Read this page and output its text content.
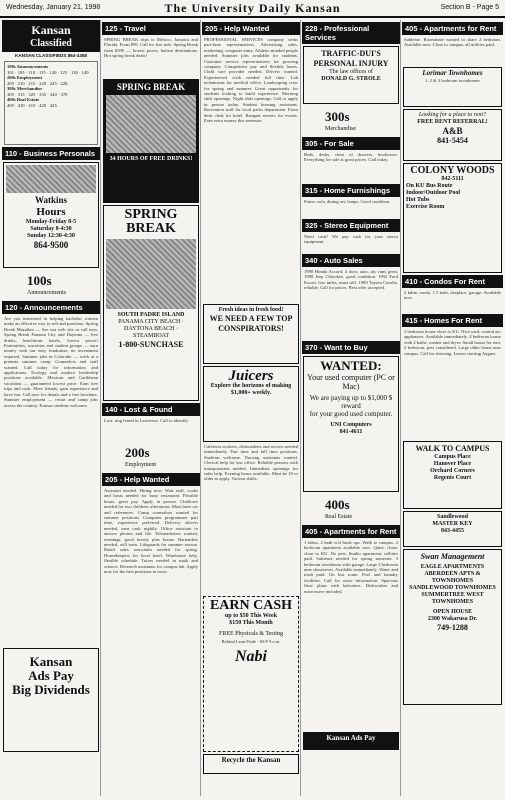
Wednesday, January 21, 1998	The University Daily Kansan	Section B - Page 5
Kansan
Classified
KANSAN CLASSIFIEDS 864-4358
100s Announcements
101 · 105 · 110 · 115 · 120 · 125 · 130 · 140
200s Employment
205 · 210 · 215 · 220 · 225 · 228
300s Merchandise
305 · 315 · 325 · 335 · 340 · 370
400s Real Estate
405 · 410 · 415 · 420 · 425
110 - Business Personals
Watkins
Hours
Monday-Friday 8-5
Saturday 8-4:30
Sunday 12:30-4:30
864-9500
100s
Announcements
120 - Announcements
Are you interested in helping bachelor women make an effective way to sell and purchase. Spring Break Mazatlan — See our web site or call now. Spring Break Panama City and Daytona — free drinks, beachfront hotels, lowest prices! Fraternities, sororities and student groups — earn money with our easy fundraiser, no investment required. Summer jobs in Colorado — work at a premier summer camp. Counselors and staff wanted. Call today for information and applications. Ecology and outdoor leadership positions available. Mexican and Caribbean vacations — guaranteed lowest price. Earn free trips and cash. Meet friends, gain experience and have fun. Call now for details and a free brochure. Summer employment — resort and camp jobs across the country. Kansas students welcome.
Kansan
Ads Pay
Big Dividends
125 - Travel
SPRING BREAK trips to Mexico, Jamaica and Florida. From $99. Call for free info. Spring Break from $399 — lowest prices, hottest destinations. Hot spring break deals!
SPRING BREAK
34 HOURS OF FREE DRINKS!
SPRING BREAK
SOUTH PADRE ISLAND
PANAMA CITY BEACH · DAYTONA BEACH · STEAMBOAT
1-800-SUNCHASE
140 - Lost & Found
Lost: ring found in Lawrence. Call to identify.
200s
Employment
205 - Help Wanted
Assistant needed. Hiring now. Wait staff, cooks and hosts needed for busy restaurant. Flexible hours, great pay. Apply in person. Childcare needed for two children, afternoons. Must have car and references. Camp counselors wanted for summer positions. Computer programmer part time, experience preferred. Delivery drivers needed, earn cash nightly. Office assistant to answer phones and file. Telemarketers wanted, evenings, good hourly plus bonus. Bartenders needed, will train. Lifeguards for summer season. Retail sales associates needed for spring. Housekeepers for local hotel. Warehouse help, flexible schedule. Tutors needed in math and science. Research assistants for campus lab. Apply now for the best positions in town.
205 - Help Wanted
PROFESSIONAL SERVICES company seeks part-time representatives. Advertising sales, marketing, computer entry. Athletic minded people needed. Summer jobs available for students. Customer service representatives for growing company. Competitive pay and flexible hours. Child care provider needed. Drivers wanted. Experienced cook needed full time. Lab technicians for medical office. Landscaping crew for spring and summer. Great opportunity for students looking to build experience. Morning shift openings. Night shift openings. Call or apply in person today. Student housing assistants. Recreation staff for local parks department. Front desk clerk for hotel. Banquet servers for events. Earn extra money this semester.
Fresh ideas in fresh food!
WE NEED A FEW TOP CONSPIRATORS!
Juicers
Explore the horizons of making $1,000+ weekly.
Cafeteria workers, dishwashers and servers needed immediately. Part time and full time positions. Students welcome. Nursing assistants wanted. Clerical help for law office. Reliable persons with transportation needed. Immediate openings for sales help. Evening hours available. Must be 18 or older to apply. Various shifts.
EARN CASH
up to $50 This Week
$150 This Month
FREE Physicals & Testing
Behind Lean Pride · M-F 9 a.m.
Nabi
Recycle the Kansan
228 - Professional Services
TRAFFIC-DUI'S
PERSONAL INJURY
The law offices of
DONALD G. STROLE
300s
Merchandise
305 - For Sale
Beds, desks, chest of drawers, bookcases. Everything for sale at great prices. Call today.
315 - Home Furnishings
Futon, sofa, dining set, lamps. Good condition.
325 - Stereo Equipment
Need cash? We pay cash for your stereo equipment.
340 - Auto Sales
1990 Honda Accord, 4 door, auto, air, runs great. 1988 Jeep Cherokee, good condition. 1992 Ford Escort, low miles, must sell. 1989 Toyota Corolla, reliable. Call for prices. Best offer accepted.
370 - Want to Buy
WANTED:
Your used computer (PC or Mac)
We are paying up to $1,000 $ reward
for your good used computer.
UNI Computers
841-4611
400s
Real Estate
405 - Apartments for Rent
1 bdrm, 2 bath w/d hook ups. Walk to campus. 2 bedroom apartment available now. Quiet, clean, close to KU. No pets. Studio apartment, utilities paid. Sublease needed for spring semester. 3 bedroom townhouse with garage. Large 2 bedroom near downtown. Available immediately. Water and trash paid. On bus route. Pool and laundry facilities. Call for more information. Spacious floor plans with balconies. Dishwasher and microwave included.
Kansan Ads Pay
405 - Apartments for Rent
Sublease. Roommate wanted to share 2 bedroom. Available now. Close to campus, all utilities paid.
Lorimar Townhomes
1, 2 & 3 bedroom townhomes
Looking for a place to rent?
FREE RENT REFERRAL!
A&B
841-5454
COLONY WOODS
842-5111
On KU Bus Route
Indoor/Outdoor Pool
Hot Tubs
Exercise Room
410 - Condos For Rent
2 bdrm condo, 1.5 bath, fireplace, garage. Available now.
415 - Homes For Rent
3 bedroom house close to KU. Nice yard, central air, appliances. Available immediately. 4 bedroom house with 2 baths, washer and dryer. Small house for rent, 2 bedroom, pets considered. Large older home near campus. Call for showing. Leases starting August.
WALK TO CAMPUS
Campus Place
Hanover Place
Orchard Corners
Regents Court
Sandlewood
MASTER KEY
843-4455
Swan Management
EAGLE APARTMENTS
ABERDEEN APTS & TOWNHOMES
SANDLEWOOD TOWNHOMES
SUMMERTREE WEST TOWNHOMES
OPEN HOUSE
2300 Wakarusa Dr.
749-1288
